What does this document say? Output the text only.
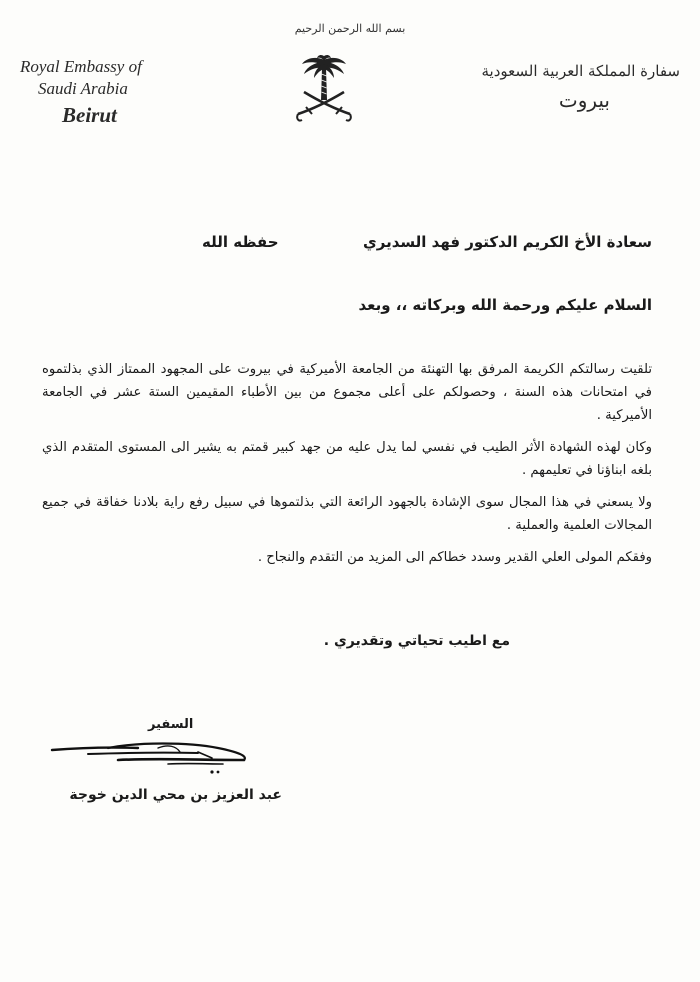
بسم الله الرحمن الرحيم
Royal Embassy of
Saudi Arabia
Beirut
سفارة المملكة العربية السعودية
بيروت
سعادة الأخ الكريم الدكتور فهد السديري
حفظه الله
السلام عليكم ورحمة الله وبركاته ،، وبعد

تلقيت رسالتكم الكريمة المرفق بها التهنئة من الجامعة الأميركية في بيروت على المجهود الممتاز الذي بذلتموه في امتحانات هذه السنة ، وحصولكم على أعلى مجموع من بين الأطباء المقيمين الستة عشر في الجامعة الأميركية .

وكان لهذه الشهادة الأثر الطيب في نفسي لما يدل عليه من جهد كبير قمتم به يشير الى المستوى المتقدم الذي بلغه ابناؤنا في تعليمهم .

ولا يسعني في هذا المجال سوى الإشادة بالجهود الرائعة التي بذلتموها في سبيل رفع راية بلادنا خفاقة في جميع المجالات العلمية والعملية .

وفقكم المولى العلي القدير وسدد خطاكم الى المزيد من التقدم والنجاح .

مع اطيب تحياتي وتقديري .
السفير
عبد العزيز بن محي الدين خوجة
